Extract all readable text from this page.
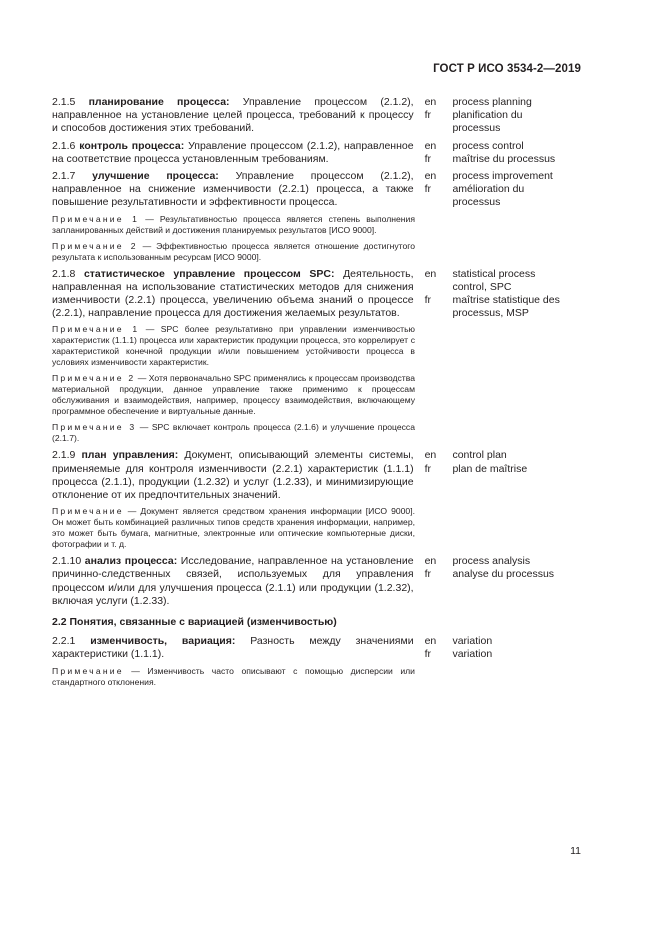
ГОСТ Р ИСО 3534-2—2019
2.1.5 планирование процесса: Управление процессом (2.1.2), направленное на установление целей процесса, требований к процессу и способов достижения этих требований.
en
fr
process planning
planification du processus
2.1.6 контроль процесса: Управление процессом (2.1.2), направленное на соответствие процесса установленным требованиям.
en
fr
process control
maîtrise du processus
2.1.7 улучшение процесса: Управление процессом (2.1.2), направленное на снижение изменчивости (2.2.1) процесса, а также повышение результативности и эффективности процесса.
en
fr
process improvement
amélioration du processus
Примечание 1 — Результативностью процесса является степень выполнения запланированных действий и достижения планируемых результатов [ИСО 9000].
Примечание 2 — Эффективностью процесса является отношение достигнутого результата к использованным ресурсам [ИСО 9000].
2.1.8 статистическое управление процессом SPC: Деятельность, направленная на использование статистических методов для снижения изменчивости (2.2.1) процесса, увеличению объема знаний о процессе (2.2.1), направление процесса для достижения желаемых результатов.
en
fr
statistical process control, SPC
maîtrise statistique des processus, MSP
Примечание 1 — SPC более результативно при управлении изменчивостью характеристик (1.1.1) процесса или характеристик продукции процесса, это коррелирует с характеристикой конечной продукции и/или повышением устойчивости процесса в условиях изменчивости характеристик.
Примечание 2 — Хотя первоначально SPC применялись к процессам производства материальной продукции, данное управление также применимо к процессам обслуживания и взаимодействия, например, процессу взаимодействия, включающему программное обеспечение и виртуальные данные.
Примечание 3 — SPC включает контроль процесса (2.1.6) и улучшение процесса (2.1.7).
2.1.9 план управления: Документ, описывающий элементы системы, применяемые для контроля изменчивости (2.2.1) характеристик (1.1.1) процесса (2.1.1), продукции (1.2.32) и услуг (1.2.33), и минимизирующие отклонение от их предпочтительных значений.
en
fr
control plan
plan de maîtrise
Примечание — Документ является средством хранения информации [ИСО 9000]. Он может быть комбинацией различных типов средств хранения информации, например, это может быть бумага, магнитные, электронные или оптические компьютерные диски, фотографии и т. д.
2.1.10 анализ процесса: Исследование, направленное на установление причинно-следственных связей, используемых для управления процессом и/или для улучшения процесса (2.1.1) или продукции (1.2.32), включая услуги (1.2.33).
en
fr
process analysis
analyse du processus
2.2 Понятия, связанные с вариацией (изменчивостью)
2.2.1 изменчивость, вариация: Разность между значениями характеристики (1.1.1).
en
fr
variation
variation
Примечание — Изменчивость часто описывают с помощью дисперсии или стандартного отклонения.
11
